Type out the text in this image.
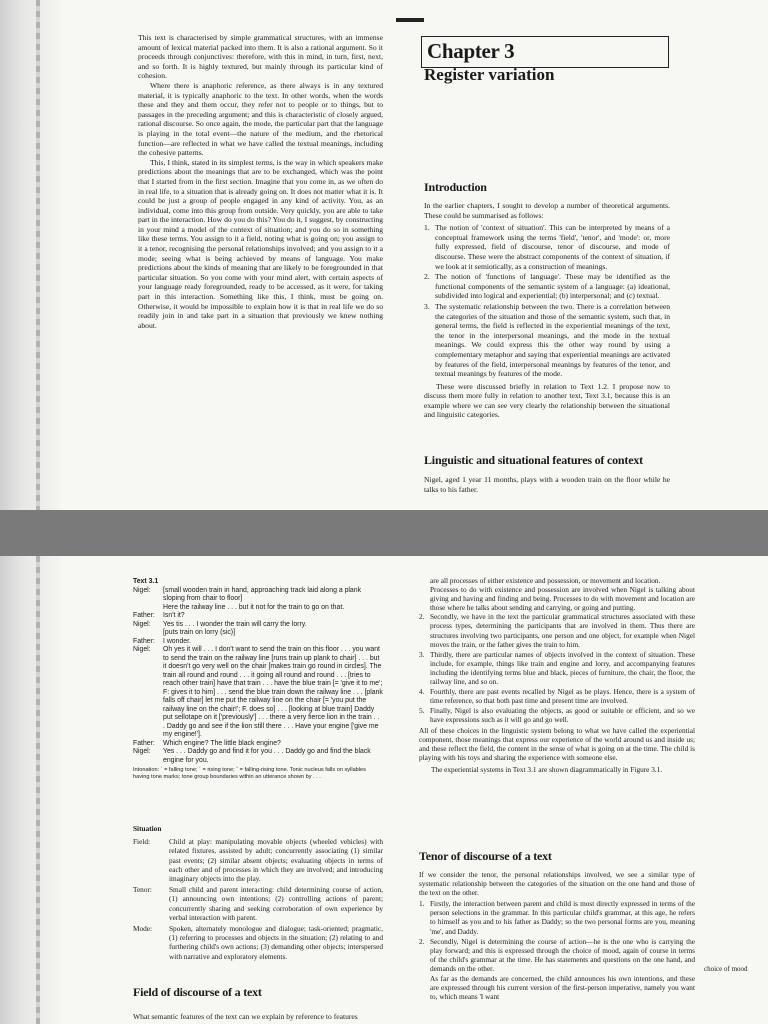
This text is characterised by simple grammatical structures, with an immense amount of lexical material packed into them. It is also a rational argument. So it proceeds through conjunctives: therefore, with this in mind, in turn, first, next, and so forth. It is highly textured, but mainly through its particular kind of cohesion.

Where there is anaphoric reference, as there always is in any textured material, it is typically anaphoric to the text. In other words, when the words these and they and them occur, they refer not to people or to things, but to passages in the preceding argument; and this is characteristic of closely argued, rational discourse. So once again, the mode, the particular part that the language is playing in the total event—the nature of the medium, and the rhetorical function—are reflected in what we have called the textual meanings, including the cohesive patterns.

This, I think, stated in its simplest terms, is the way in which speakers make predictions about the meanings that are to be exchanged, which was the point that I started from in the first section. Imagine that you come in, as we often do in real life, to a situation that is already going on. It does not matter what it is. It could be just a group of people engaged in any kind of activity. You, as an individual, come into this group from outside. Very quickly, you are able to take part in the interaction. How do you do this? You do it, I suggest, by constructing in your mind a model of the context of situation; and you do so in something like these terms. You assign to it a field, noting what is going on; you assign to it a tenor, recognising the personal relationships involved; and you assign to it a mode; seeing what is being achieved by means of language. You make predictions about the kinds of meaning that are likely to be foregrounded in that particular situation. So you come with your mind alert, with certain aspects of your language ready foregrounded, ready to be accessed, as it were, for taking part in this interaction. Something like this, I think, must be going on. Otherwise, it would be impossible to explain how it is that in real life we do so readily join in and take part in a situation that previously we knew nothing about.

Chapter 3
Register variation
Introduction

In the earlier chapters, I sought to develop a number of theoretical arguments. These could be summarised as follows:

1. The notion of 'context of situation'. This can be interpreted by means of a conceptual framework using the terms 'field', 'tenor', and 'mode': or, more fully expressed, field of discourse, tenor of discourse, and mode of discourse. These were the abstract components of the context of situation, if we look at it semiotically, as a construction of meanings.
2. The notion of 'functions of language'. These may be identified as the functional components of the semantic system of a language: (a) ideational, subdivided into logical and experiential; (b) interpersonal; and (c) textual.
3. The systematic relationship between the two. There is a correlation between the categories of the situation and those of the semantic system, such that, in general terms, the field is reflected in the experiential meanings of the text, the tenor in the interpersonal meanings, and the mode in the textual meanings. We could express this the other way round by using a complementary metaphor and saying that experiential meanings are activated by features of the field, interpersonal meanings by features of the tenor, and textual meanings by features of the mode.

These were discussed briefly in relation to Text 1.2. I propose now to discuss them more fully in relation to another text, Text 3.1, because this is an example where we can see very clearly the relationship between the situational and linguistic categories.

Linguistic and situational features of context

Nigel, aged 1 year 11 months, plays with a wooden train on the floor while he talks to his father.

Text 3.1
Nigel:	[small wooden train in hand, approaching track laid along a plank sloping from chair to floor]
Here the railway line . . . but it not for the train to go on that.
Father:	Isn't it?
Nigel:	Yes tis . . . I wonder the train will carry the lorry.
[puts train on lorry (sic)]
Father:	I wonder.
Nigel:	Oh yes it will . . . I don't want to send the train on this floor . . . you want to send the train on the railway line [runs train up plank to chair] . . . but it doesn't go very well on the chair [makes train go round in circles]. The train all round and round . . . it going all round and round . . . [tries to reach other train] have that train . . . have the blue train [= 'give it to me'; F: gives it to him] . . . send the blue train down the railway line . . . [plank falls off chair] let me put the railway line on the chair [= 'you put the railway line on the chair!'; F. does so] . . . [looking at blue train] Daddy put sellotape on it ['previously'] . . . there a very fierce lion in the train . . . Daddy go and see if the lion still there . . . Have your engine ['give me my engine!'].
Father:	Which engine? The little black engine?
Nigel:	Yes . . . Daddy go and find it for you . . . Daddy go and find the black engine for you.
Intonation: ` = falling tone; ´ = rising tone; ˆ = falling-rising tone. Tonic nucleus falls on syllables having tone marks; tone group boundaries within an utterance shown by . . .
Situation
Field:	Child at play: manipulating movable objects (wheeled vehicles) with related fixtures, assisted by adult; concurrently associating (1) similar past events; (2) similar absent objects; evaluating objects in terms of each other and of processes in which they are involved; and introducing imaginary objects into the play.
Tenor:	Small child and parent interacting: child determining course of action, (1) announcing own intentions; (2) controlling actions of parent; concurrently sharing and seeking corroboration of own experience by verbal interaction with parent.
Mode:	Spoken, alternately monologue and dialogue; task-oriented; pragmatic, (1) referring to processes and objects in the situation; (2) relating to and furthering child's own actions; (3) demanding other objects; interspersed with narrative and exploratory elements.
Field of discourse of a text

What semantic features of the text can we explain by reference to features

are all processes of either existence and possession, or movement and location.

Processes to do with existence and possession are involved when Nigel is talking about giving and having and finding and being. Processes to do with movement and location are those where he talks about sending and carrying, or going and putting.

2. Secondly, we have in the text the particular grammatical structures associated with these process types, determining the participants that are involved in them. Thus there are structures involving two participants, one person and one object, for example when Nigel moves the train, or the father gives the train to him.
3. Thirdly, there are particular names of objects involved in the context of situation. These include, for example, things like train and engine and lorry, and accompanying features including the identifying terms blue and black, pieces of furniture, the chair, the floor, the railway line, and so on.
4. Fourthly, there are past events recalled by Nigel as he plays. Hence, there is a system of time reference, so that both past time and present time are involved.
5. Finally, Nigel is also evaluating the objects, as good or suitable or efficient, and so we have expressions such as it will go and go well.

All of these choices in the linguistic system belong to what we have called the experiential component, those meanings that express our experience of the world around us and inside us; and these reflect the field, the content in the sense of what is going on at the time. The child is playing with his toys and sharing the experience with someone else.

The experiential systems in Text 3.1 are shown diagrammatically in Figure 3.1.

Tenor of discourse of a text

If we consider the tenor, the personal relationships involved, we see a similar type of systematic relationship between the categories of the situation on the one hand and those of the text on the other.

1. Firstly, the interaction between parent and child is most directly expressed in terms of the person selections in the grammar. In this particular child's grammar, at this age, he refers to himself as you and to his father as Daddy; so the two personal forms are you, meaning 'me', and Daddy.
2. Secondly, Nigel is determining the course of action—he is the one who is carrying the play forward; and this is expressed through the choice of mood, again of course in terms of the child's grammar at the time. He has statements and questions on the one hand, and demands on the other.

As far as the demands are concerned, the child announces his own intentions, and these are expressed through his current version of the first-person imperative, namely you want to, which means 'I want

choice of mood
